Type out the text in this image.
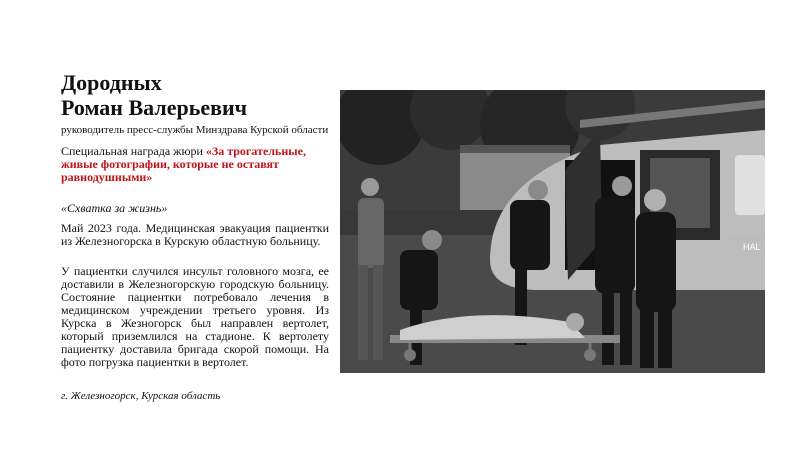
Дородных
Роман Валерьевич
руководитель пресс-службы Минздрава Курской области
Специальная награда жюри «За трогательные, живые фотографии, которые не оставят равнодушными»
«Схватка за жизнь»
Май 2023 года. Медицинская эвакуация пациентки из Железногорска в Курскую областную больницу.
У пациентки случился инсульт головного мозга, ее доставили в Железногорскую городскую больницу. Состояние пациентки потребовало лечения в медицинском учреждении третьего уровня. Из Курска в Жезногорск был направлен вертолет, который приземлился на стадионе. К вертолету пациентку доставила бригада скорой помощи. На фото погрузка пациентки в вертолет.
г. Железногорск, Курская область
HAL
